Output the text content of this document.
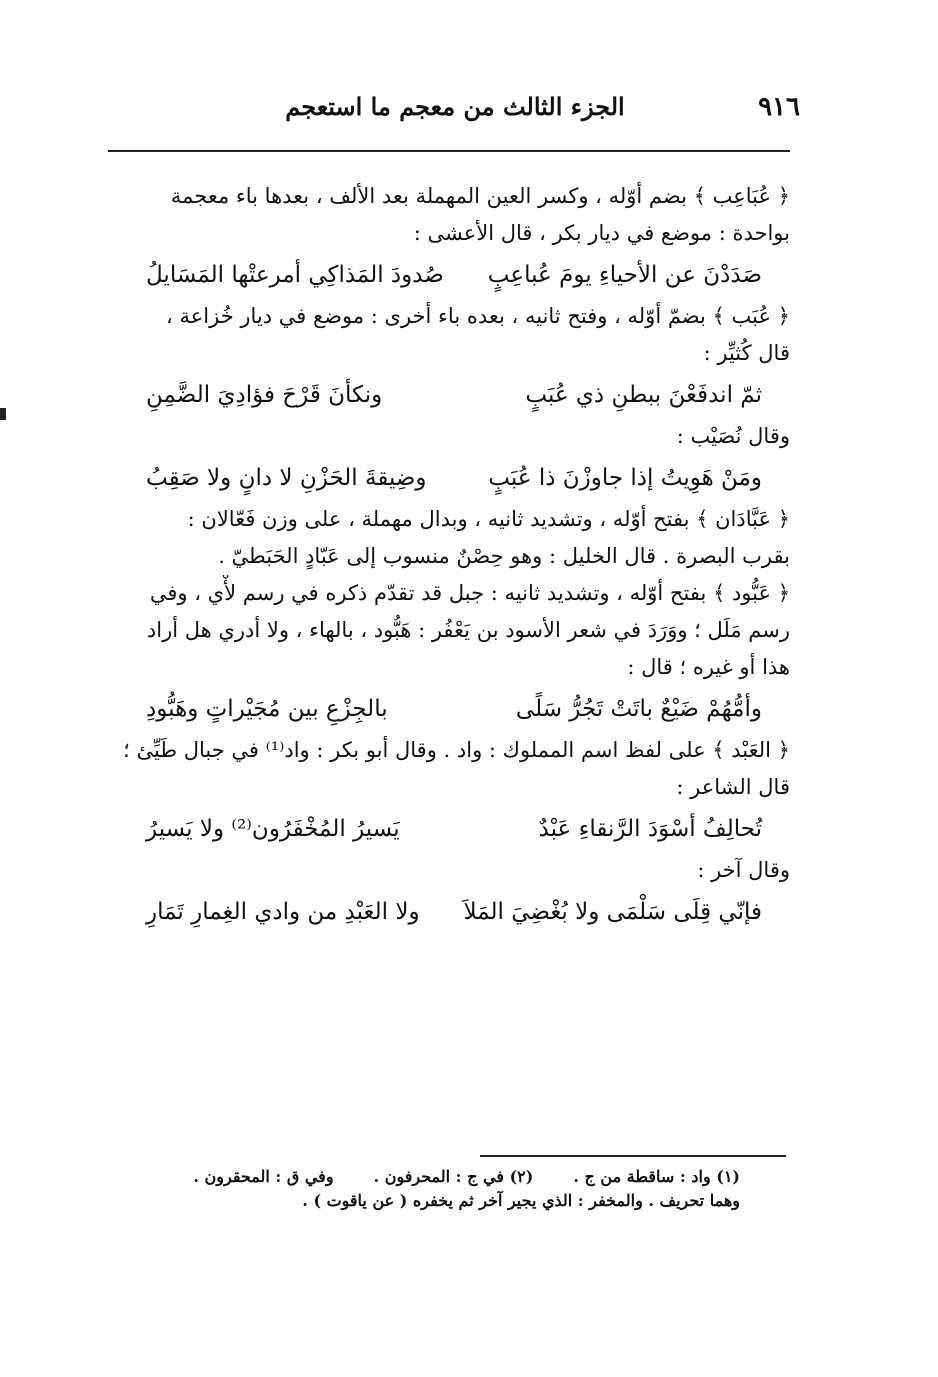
٩١٦
الجزء الثالث من معجم ما استعجم
﴿ عُبَاعِب ﴾ بضم أوّله ، وكسر العين المهملة بعد الألف ، بعدها باء معجمة
بواحدة : موضع في ديار بكر ، قال الأعشى :
صَدَدْنَ عن الأحياءِ يومَ عُباعِبٍ
صُدودَ المَذاكِي أمرعتْها المَسَايلُ
﴿ عُبَب ﴾ بضمّ أوّله ، وفتح ثانيه ، بعده باء أخرى : موضع في ديار خُزاعة ،
قال كُثيِّر :
ثمّ اندفَعْنَ ببطنِ ذي عُبَبٍ
ونكأنَ قَرْحَ فؤادِيَ الضَّمِنِ
وقال نُصَيْب :
ومَنْ هَوِيتُ إذا جاوزْنَ ذا عُبَبٍ
وضِيقةَ الحَزْنِ لا دانٍ ولا صَقِبُ
﴿ عَبَّادَان ﴾ بفتح أوّله ، وتشديد ثانيه ، وبدال مهملة ، على وزن فَعّالان :
بقرب البصرة . قال الخليل : وهو حِصْنٌ منسوب إلى عَبّادٍ الحَبَطيّ .
﴿ عَبُّود ﴾ بفتح أوّله ، وتشديد ثانيه : جبل قد تقدّم ذكره في رسم لأْي ، وفي
رسم مَلَل ؛ ووَرَدَ في شعر الأسود بن يَعْفُر : هَبُّود ، بالهاء ، ولا أدري هل أراد
هذا أو غيره ؛ قال :
وأمُّهُمْ ضَيْعٌ باتَتْ تَجُرُّ سَلًى
بالجِزْعِ بين مُجَيْراتٍ وهَبُّودِ
﴿ العَبْد ﴾ على لفظ اسم المملوك : واد . وقال أبو بكر : واد⁽¹⁾ في جبال طَيِّئ ؛
قال الشاعر :
تُحالِفُ أسْوَدَ الرَّنقاءِ عَبْدٌ
يَسيرُ المُخْفَرُون⁽²⁾ ولا يَسيرُ
وقال آخر :
فإنّي قِلَى سَلْمَى ولا بُغْضِيَ المَلاَ
ولا العَبْدِ من وادي الغِمارِ تَمَارِ
(١) واد : ساقطة من ج .
(٢) في ج : المحرفون .
وفي ق : المحقرون .
وهما تحريف . والمخفر : الذي يجير آخر ثم يخفره ( عن ياقوت ) .
